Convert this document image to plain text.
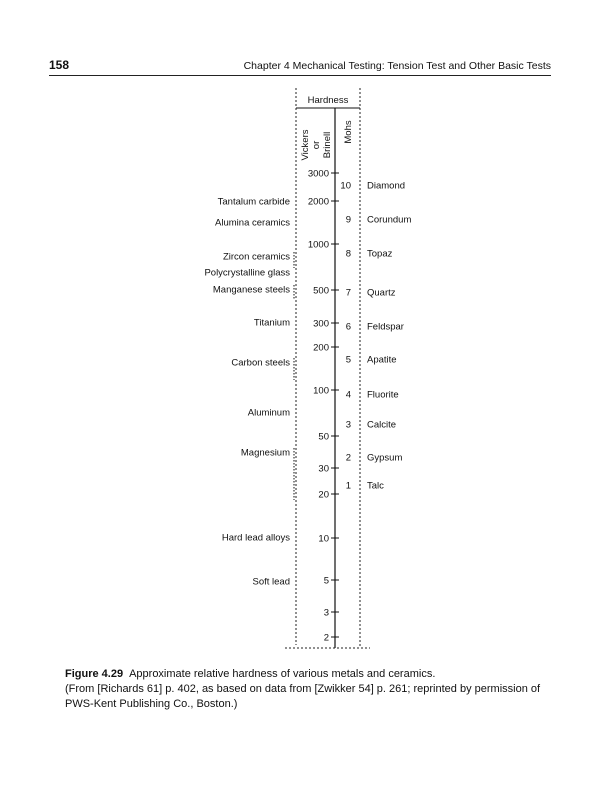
158	Chapter 4 Mechanical Testing: Tension Test and Other Basic Tests
Hardness
Vickers or Brinell Mohs
3000
2000
1000
500
300
200
100
50
30
20
10
5
3
2
10 Diamond
9 Corundum
8 Topaz
7 Quartz
6 Feldspar
5 Apatite
4 Fluorite
3 Calcite
2 Gypsum
1 Talc
Tantalum carbide
Alumina ceramics
Zircon ceramics
Polycrystalline glass
Manganese steels
Titanium
Carbon steels
Aluminum
Magnesium
Hard lead alloys
Soft lead
Figure 4.29 Approximate relative hardness of various metals and ceramics.
(From [Richards 61] p. 402, as based on data from [Zwikker 54] p. 261; reprinted by permission of PWS-Kent Publishing Co., Boston.)
